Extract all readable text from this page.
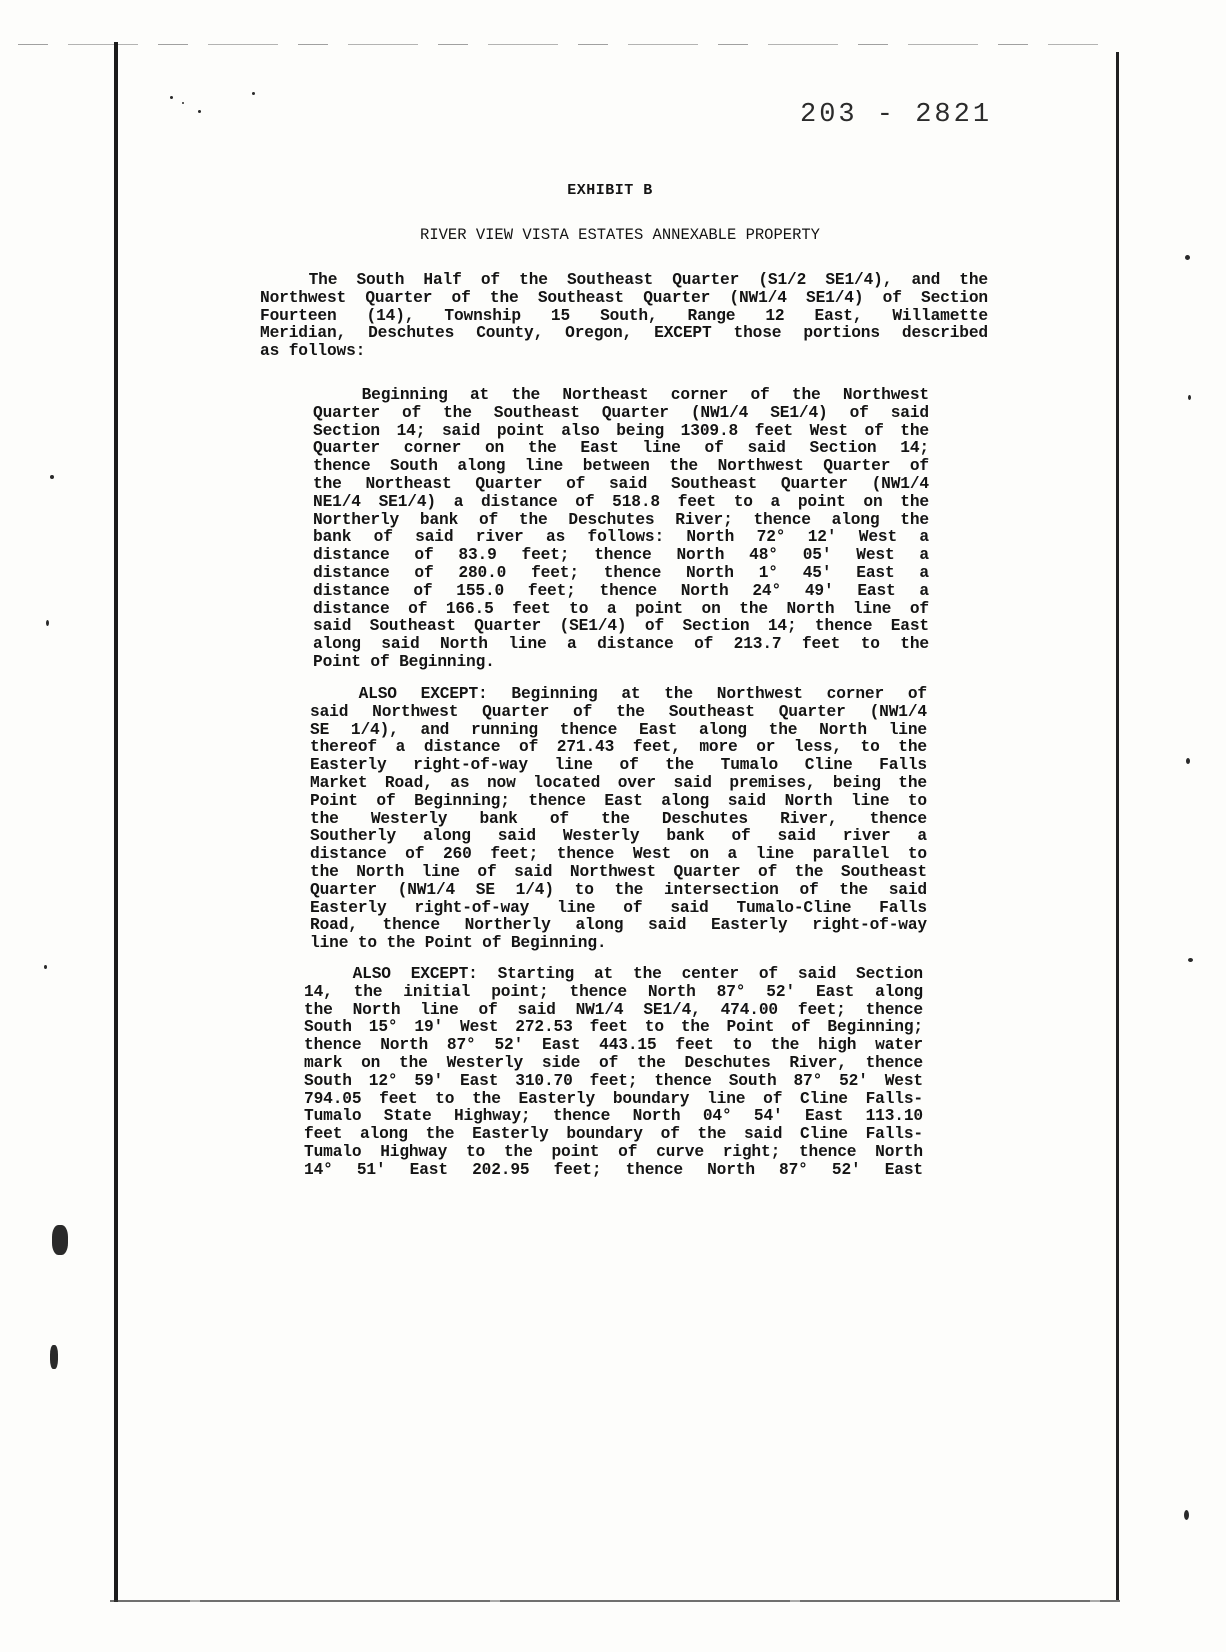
203 - 2821
EXHIBIT B
RIVER VIEW VISTA ESTATES ANNEXABLE PROPERTY
The South Half of the Southeast Quarter (S1/2 SE1/4), and the
Northwest Quarter of the Southeast Quarter (NW1/4 SE1/4) of Section
Fourteen (14), Township 15 South, Range 12 East, Willamette
Meridian, Deschutes County, Oregon, EXCEPT those portions described
as follows:
Beginning at the Northeast corner of the Northwest
Quarter of the Southeast Quarter (NW1/4 SE1/4) of said
Section 14; said point also being 1309.8 feet West of the
Quarter corner on the East line of said Section 14;
thence South along line between the Northwest Quarter of
the Northeast Quarter of said Southeast Quarter (NW1/4
NE1/4 SE1/4) a distance of 518.8 feet to a point on the
Northerly bank of the Deschutes River; thence along the
bank of said river as follows: North 72° 12' West a
distance of 83.9 feet; thence North 48° 05' West a
distance of 280.0 feet; thence North 1° 45' East a
distance of 155.0 feet; thence North 24° 49' East a
distance of 166.5 feet to a point on the North line of
said Southeast Quarter (SE1/4) of Section 14; thence East
along said North line a distance of 213.7 feet to the
Point of Beginning.
ALSO EXCEPT: Beginning at the Northwest corner of
said Northwest Quarter of the Southeast Quarter (NW1/4
SE 1/4), and running thence East along the North line
thereof a distance of 271.43 feet, more or less, to the
Easterly right-of-way line of the Tumalo Cline Falls
Market Road, as now located over said premises, being the
Point of Beginning; thence East along said North line to
the Westerly bank of the Deschutes River, thence
Southerly along said Westerly bank of said river a
distance of 260 feet; thence West on a line parallel to
the North line of said Northwest Quarter of the Southeast
Quarter (NW1/4 SE 1/4) to the intersection of the said
Easterly right-of-way line of said Tumalo-Cline Falls
Road, thence Northerly along said Easterly right-of-way
line to the Point of Beginning.
ALSO EXCEPT: Starting at the center of said Section
14, the initial point; thence North 87° 52' East along
the North line of said NW1/4 SE1/4, 474.00 feet; thence
South 15° 19' West 272.53 feet to the Point of Beginning;
thence North 87° 52' East 443.15 feet to the high water
mark on the Westerly side of the Deschutes River, thence
South 12° 59' East 310.70 feet; thence South 87° 52' West
794.05 feet to the Easterly boundary line of Cline Falls-
Tumalo State Highway; thence North 04° 54' East 113.10
feet along the Easterly boundary of the said Cline Falls-
Tumalo Highway to the point of curve right; thence North
14° 51' East 202.95 feet; thence North 87° 52' East
